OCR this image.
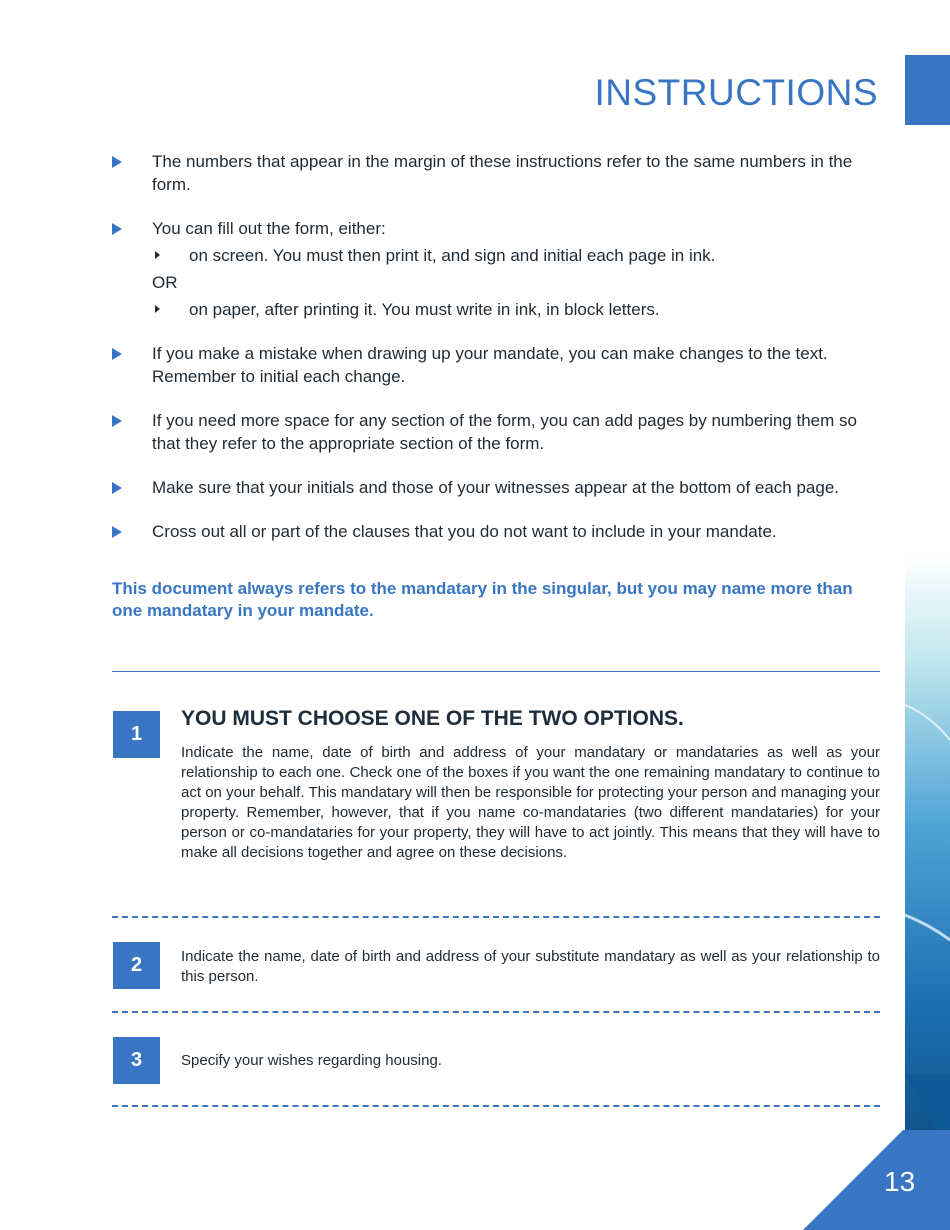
INSTRUCTIONS
13
The numbers that appear in the margin of these instructions refer to the same numbers in the form.
You can fill out the form, either:
on screen. You must then print it, and sign and initial each page in ink.
OR
on paper, after printing it. You must write in ink, in block letters.
If you make a mistake when drawing up your mandate, you can make changes to the text. Remember to initial each change.
If you need more space for any section of the form, you can add pages by numbering them so that they refer to the appropriate section of the form.
Make sure that your initials and those of your witnesses appear at the bottom of each page.
Cross out all or part of the clauses that you do not want to include in your mandate.
This document always refers to the mandatary in the singular, but you may name more than one mandatary in your mandate.
1
YOU MUST CHOOSE ONE OF THE TWO OPTIONS.
Indicate the name, date of birth and address of your mandatary or mandataries as well as your relationship to each one. Check one of the boxes if you want the one remaining mandatary to continue to act on your behalf. This mandatary will then be responsible for protecting your person and managing your property. Remember, however, that if you name co-mandataries (two different mandataries) for your person or co-mandataries for your property, they will have to act jointly. This means that they will have to make all decisions together and agree on these decisions.
2	Indicate the name, date of birth and address of your substitute mandatary as well as your relationship to this person.
3	Specify your wishes regarding housing.
